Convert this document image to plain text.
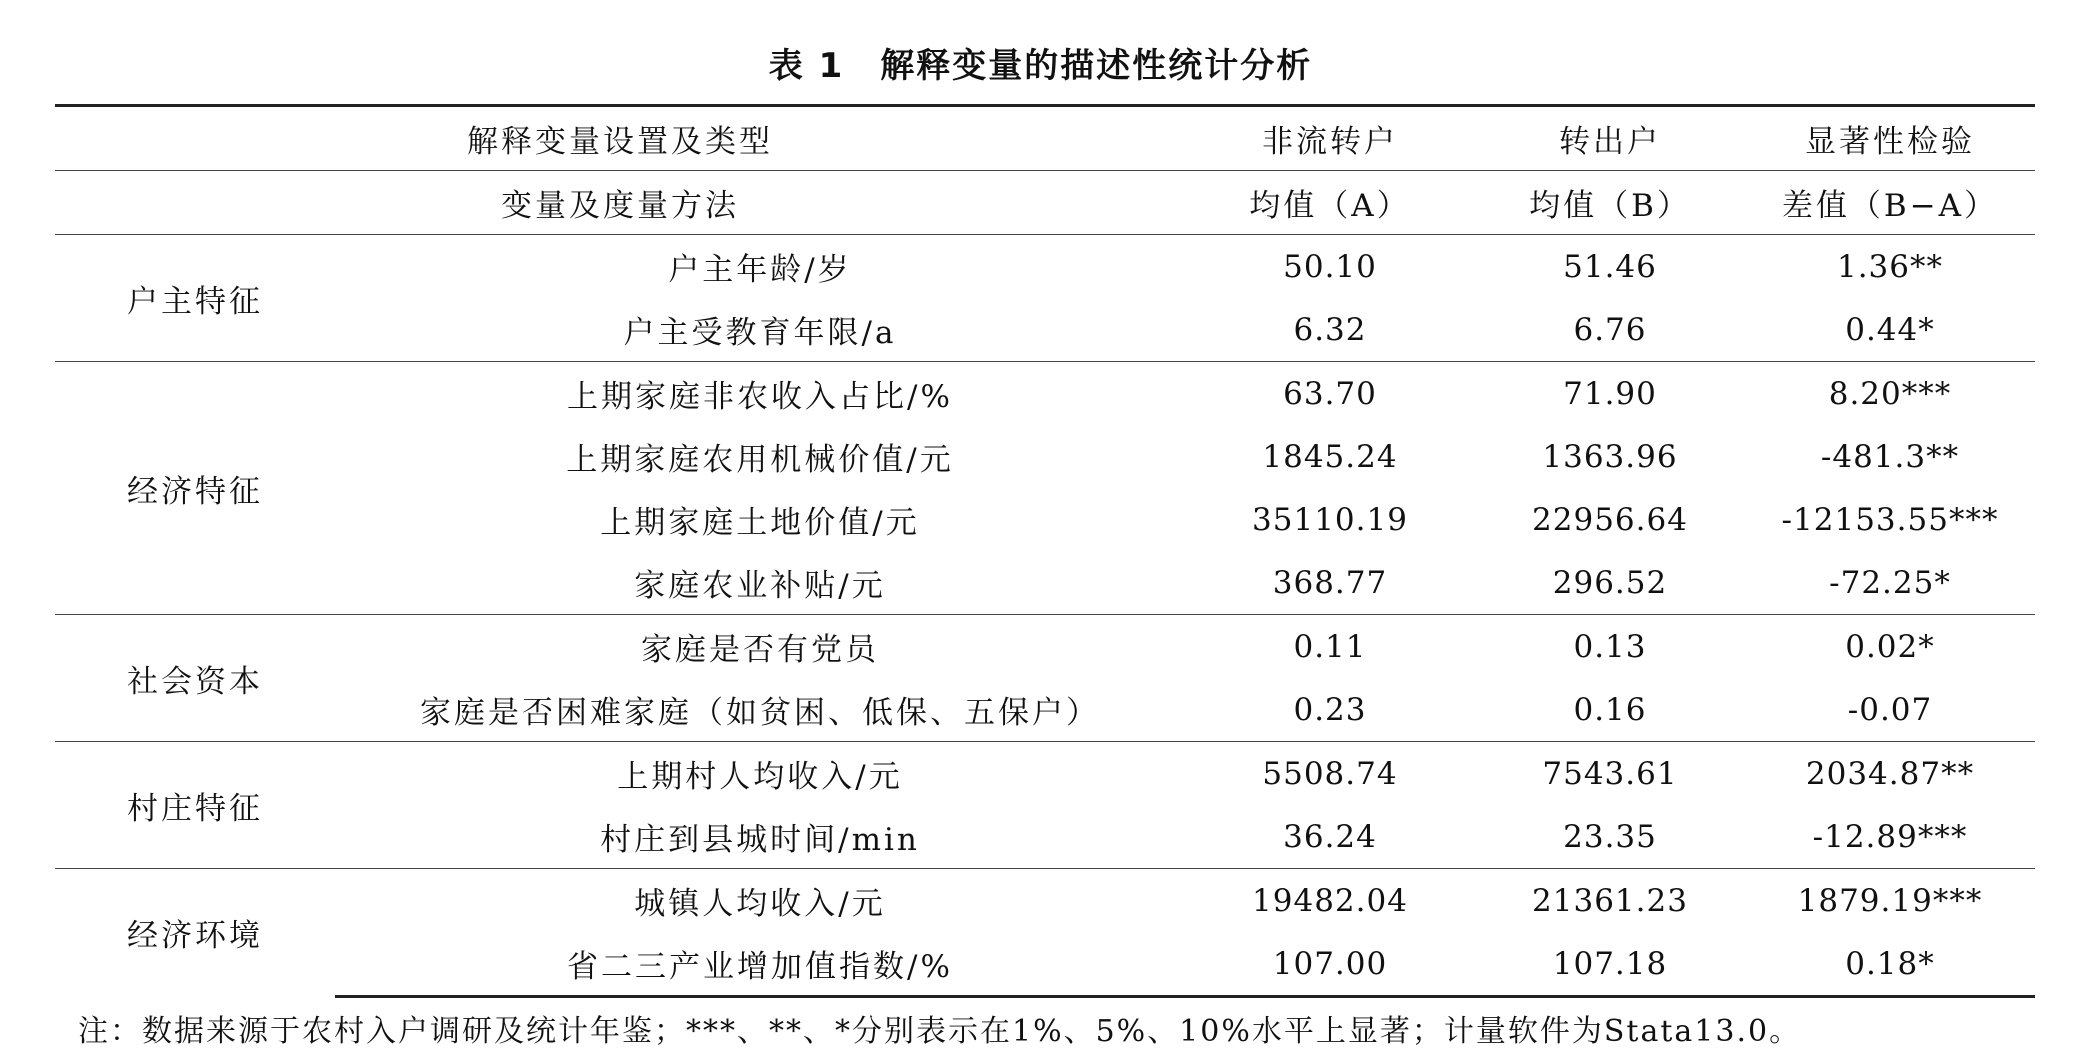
表 1　解释变量的描述性统计分析
解释变量设置及类型		非流转户	转出户	显著性检验
变量及度量方法		均值（A）	均值（B）	差值（B−A）
户主特征	户主年龄/岁	50.10	51.46	1.36**
	户主受教育年限/a	6.32	6.76	0.44*
经济特征	上期家庭非农收入占比/%	63.70	71.90	8.20***
	上期家庭农用机械价值/元	1845.24	1363.96	-481.3**
	上期家庭土地价值/元	35110.19	22956.64	-12153.55***
	家庭农业补贴/元	368.77	296.52	-72.25*
社会资本	家庭是否有党员	0.11	0.13	0.02*
	家庭是否困难家庭（如贫困、低保、五保户）	0.23	0.16	-0.07
村庄特征	上期村人均收入/元	5508.74	7543.61	2034.87**
	村庄到县城时间/min	36.24	23.35	-12.89***
经济环境	城镇人均收入/元	19482.04	21361.23	1879.19***
	省二三产业增加值指数/%	107.00	107.18	0.18*
注：数据来源于农村入户调研及统计年鉴；***、**、*分别表示在1%、5%、10%水平上显著；计量软件为Stata13.0。
